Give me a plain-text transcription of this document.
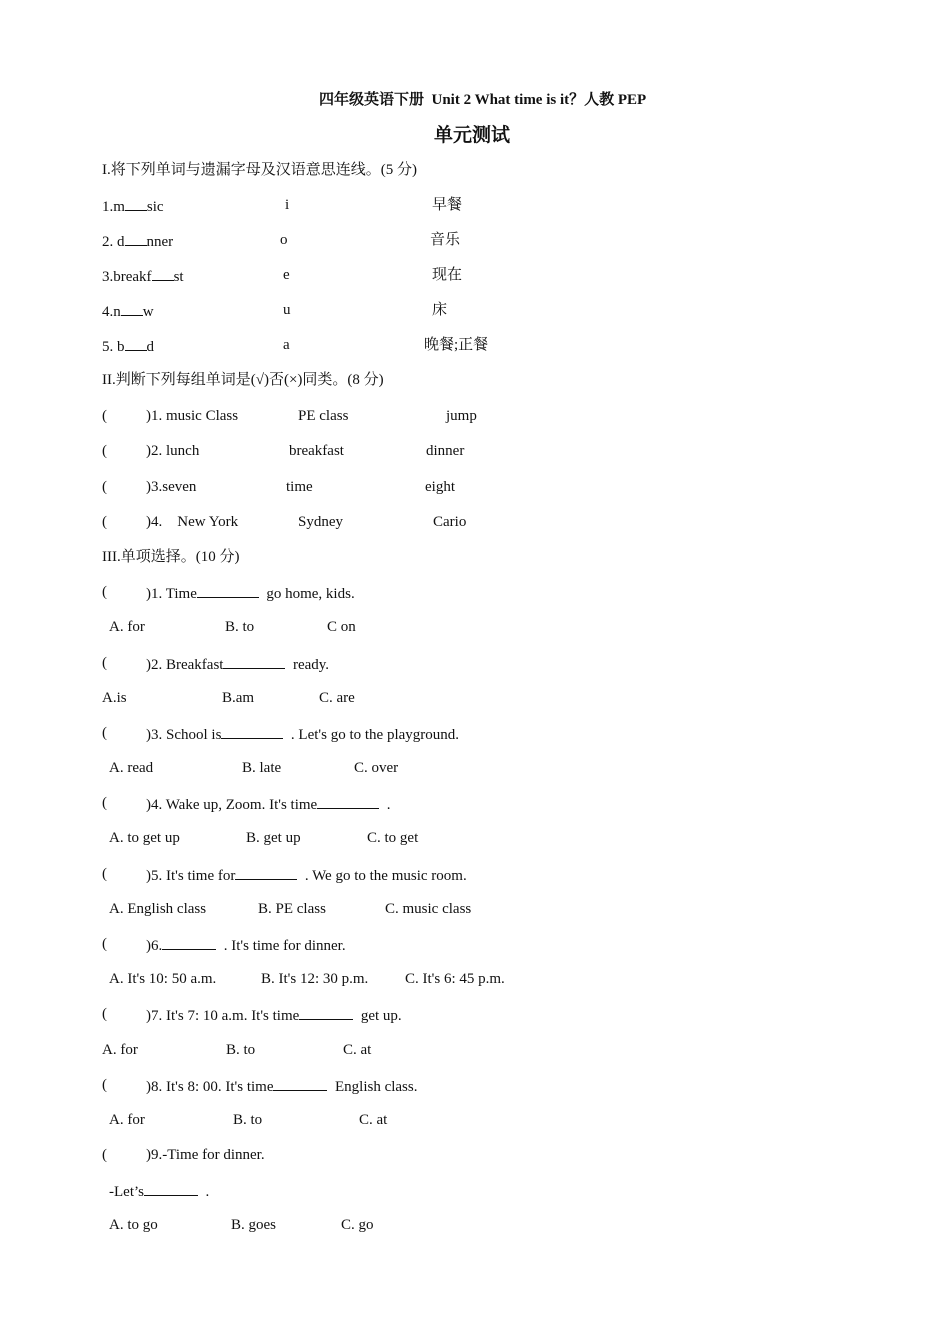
四年级英语下册  Unit 2 What time is it？人教 PEP
单元测试
I.将下列单词与遗漏字母及汉语意思连线。(5 分)
1.m sic	i	早餐
2. d nner	o	音乐
3.breakf st	e	现在
4.n w	u	床
5. b d	a	晚餐;正餐
II.判断下列每组单词是(√)否(×)同类。(8 分)
(	)1. music Class	PE class	jump
(	)2. lunch	breakfast	dinner
(	)3.seven	time	eight
(	)4.    New York	Sydney	Cario
III.单项选择。(10 分)
(	)1. Time	go home, kids.
A. for	B. to	C on
(	)2. Breakfast	ready.
A.is	B.am	C. are
(	)3. School is	. Let's go to the playground.
A. read	B. late	C. over
(	)4. Wake up, Zoom. It's time	.
A. to get up	B. get up	C. to get
(	)5. It's time for	. We go to the music room.
A. English class	B. PE class	C. music class
(	)6.	. It's time for dinner.
A. It's 10: 50 a.m.	B. It's 12: 30 p.m. C. It's 6: 45 p.m.
(	)7. It's 7: 10 a.m. It's time	get up.
A. for	B. to	C. at
(	)8. It's 8: 00. It's time	English class.
A. for	B. to	C. at
(	)9.-Time for dinner.
-Let’s	.
A. to go	B. goes	C. go
